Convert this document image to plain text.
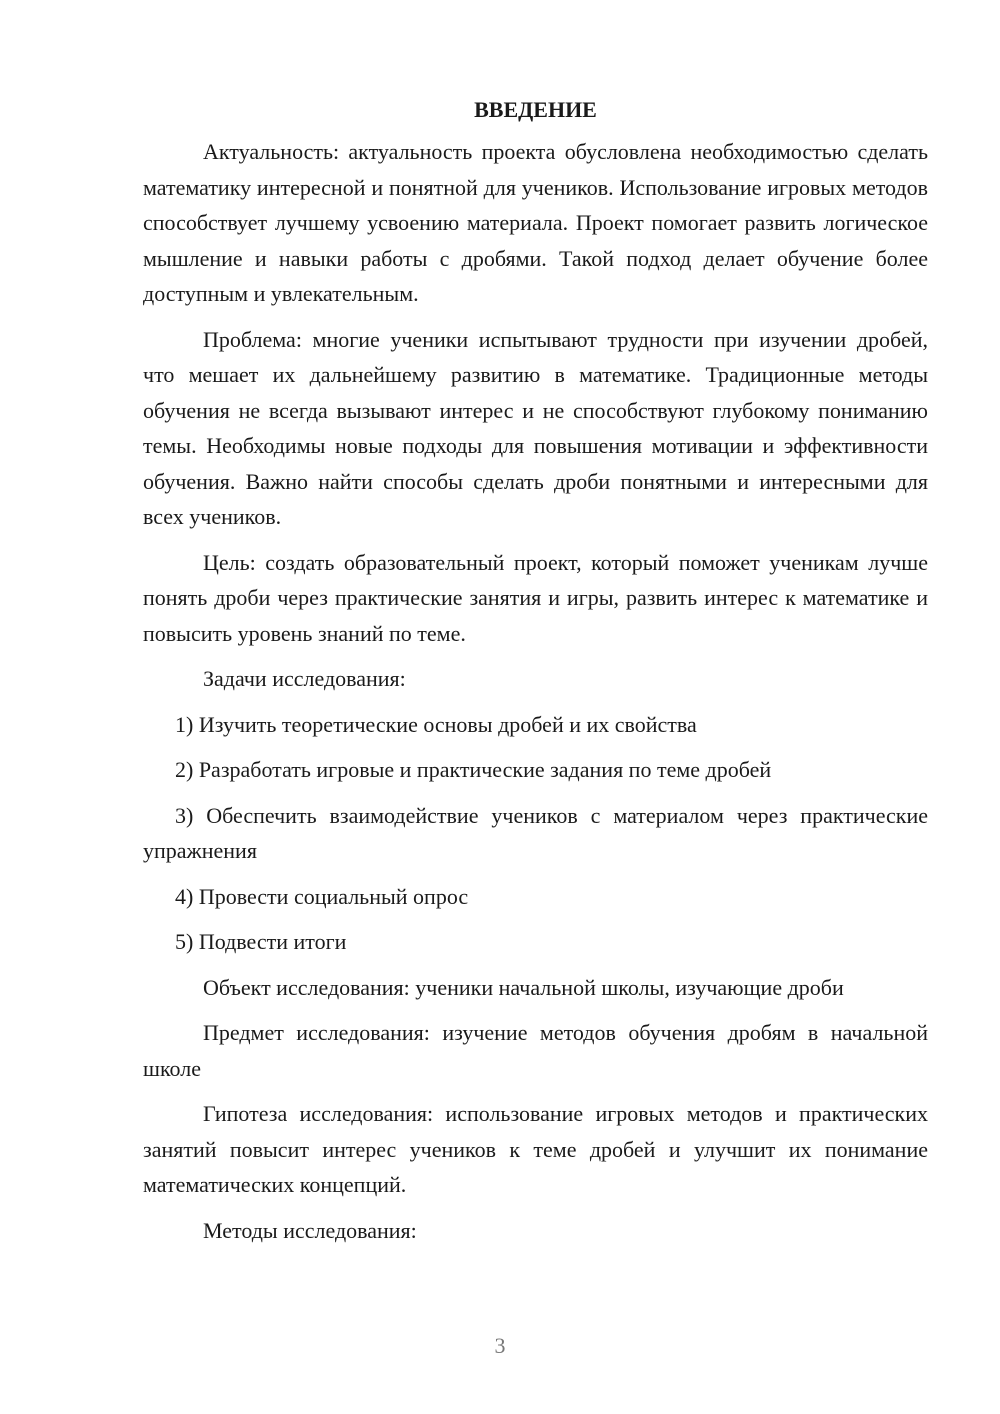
ВВЕДЕНИЕ

Актуальность: актуальность проекта обусловлена необходимостью сделать математику интересной и понятной для учеников. Использование игровых методов способствует лучшему усвоению материала. Проект помогает развить логическое мышление и навыки работы с дробями. Такой подход делает обучение более доступным и увлекательным.

Проблема: многие ученики испытывают трудности при изучении дробей, что мешает их дальнейшему развитию в математике. Традиционные методы обучения не всегда вызывают интерес и не способствуют глубокому пониманию темы. Необходимы новые подходы для повышения мотивации и эффективности обучения. Важно найти способы сделать дроби понятными и интересными для всех учеников.

Цель: создать образовательный проект, который поможет ученикам лучше понять дроби через практические занятия и игры, развить интерес к математике и повысить уровень знаний по теме.

Задачи исследования:

1) Изучить теоретические основы дробей и их свойства

2) Разработать игровые и практические задания по теме дробей

3) Обеспечить взаимодействие учеников с материалом через практические упражнения

4) Провести социальный опрос

5) Подвести итоги

Объект исследования: ученики начальной школы, изучающие дроби

Предмет исследования: изучение методов обучения дробям в начальной школе

Гипотеза исследования: использование игровых методов и практических занятий повысит интерес учеников к теме дробей и улучшит их понимание математических концепций.

Методы исследования:

3
